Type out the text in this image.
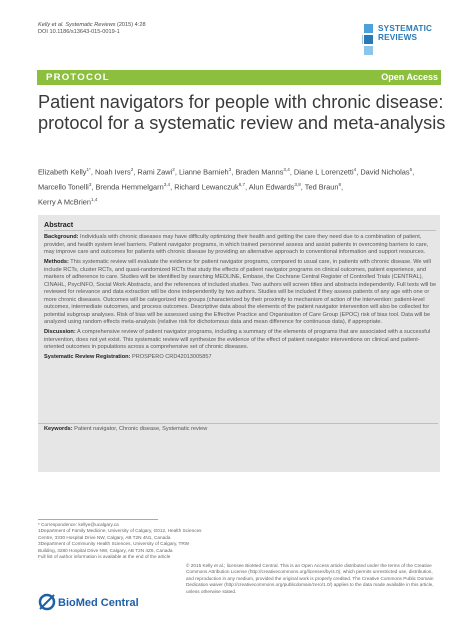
Kelly et al. Systematic Reviews (2015) 4:28
DOI 10.1186/s13643-015-0019-1	SYSTEMATIC
REVIEWS
PROTOCOL	Open Access
Patient navigators for people with chronic disease: protocol for a systematic review and meta-analysis
Elizabeth Kelly$^{1*}$, Noah Ivers$^2$, Rami Zawi$^2$, Lianne Barnieh$^3$, Braden Manns$^{3,4}$, Diane L Lorenzetti$^4$, David Nicholas$^5$,
Marcello Tonelli$^3$, Brenda Hemmelgarn$^{3,4}$, Richard Lewanczuk$^{6,7}$, Alun Edwards$^{3,8}$, Ted Braun$^8$,
Kerry A McBrien$^{1,4}$
Abstract

Background: Individuals with chronic diseases may have difficulty optimizing their health and getting the care they need due to a combination of patient, provider, and health system level barriers. Patient navigator programs, in which trained personnel assess and assist patients in overcoming barriers to care, may improve care and outcomes for patients with chronic disease by providing an alternative approach to conventional information and support resources.

Methods: This systematic review will evaluate the evidence for patient navigator programs, compared to usual care, in patients with chronic disease. We will include RCTs, cluster RCTs, and quasi-randomized RCTs that study the effects of patient navigator programs on clinical outcomes, patient experience, and markers of adherence to care. Studies will be identified by searching MEDLINE, Embase, the Cochrane Central Register of Controlled Trials (CENTRAL), CINAHL, PsycINFO, Social Work Abstracts, and the references of included studies. Two authors will screen titles and abstracts independently. Full texts will be reviewed for relevance and data extraction will be done independently by two authors. Studies will be included if they assess patients of any age with one or more chronic diseases. Outcomes will be categorized into groups (characterized by their proximity to mechanism of action of the intervention: patient-level outcomes, intermediate outcomes, and process outcomes. Descriptive data about the elements of the patient navigator intervention will also be collected for potential subgroup analyses. Risk of bias will be assessed using the Effective Practice and Organisation of Care Group (EPOC) risk of bias tool. Data will be analyzed using random effects meta-analysis (relative risk for dichotomous data and mean difference for continuous data), if appropriate.

Discussion: A comprehensive review of patient navigator programs, including a summary of the elements of programs that are associated with a successful intervention, does not yet exist. This systematic review will synthesize the evidence of the effect of patient navigator interventions on clinical and patient-oriented outcomes in populations across a comprehensive set of chronic diseases.

Systematic Review Registration: PROSPERO CRD42013005857

Keywords: Patient navigator, Chronic disease, Systematic review
* Correspondence: kellye@ucalgary.ca
1Department of Family Medicine, University of Calgary, G012, Health Sciences
Centre, 3330 Hospital Drive NW, Calgary, AB T2N 4N1, Canada
3Department of Community Health Sciences, University of Calgary, TRW
Building, 3280 Hospital Drive NW, Calgary, AB T2N 4Z6, Canada
Full list of author information is available at the end of the article
BioMed Central
© 2015 Kelly et al.; licensee BioMed Central. This is an Open Access article distributed under the terms of the Creative Commons Attribution License (http://creativecommons.org/licenses/by/4.0), which permits unrestricted use, distribution, and reproduction in any medium, provided the original work is properly credited. The Creative Commons Public Domain Dedication waiver (http://creativecommons.org/publicdomain/zero/1.0/) applies to the data made available in this article, unless otherwise stated.
